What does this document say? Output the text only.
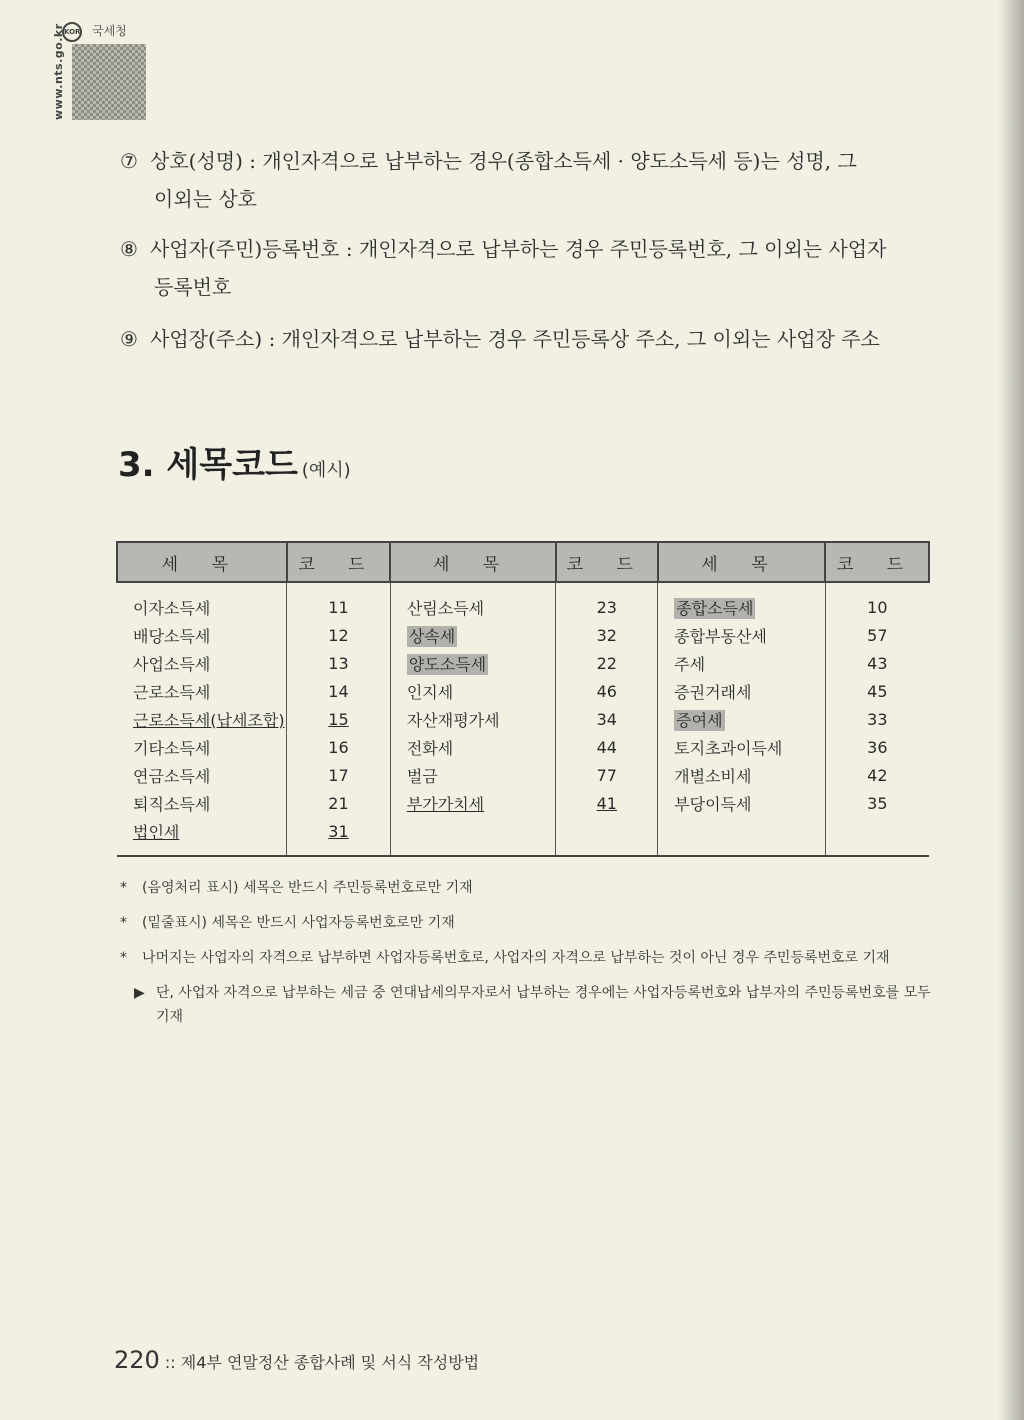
www.nts.go.kr KOR 국세청
⑦ 상호(성명) : 개인자격으로 납부하는 경우(종합소득세 · 양도소득세 등)는 성명, 그
이외는 상호
⑧ 사업자(주민)등록번호 : 개인자격으로 납부하는 경우 주민등록번호, 그 이외는 사업자
등록번호
⑨ 사업장(주소) : 개인자격으로 납부하는 경우 주민등록상 주소, 그 이외는 사업장 주소
3. 세목코드 (예시)
세 목	코 드	세 목	코 드	세 목	코 드
이자소득세	11	산림소득세	23	종합소득세	10
배당소득세	12	상속세	32	종합부동산세	57
사업소득세	13	양도소득세	22	주세	43
근로소득세	14	인지세	46	증권거래세	45
근로소득세(납세조합)	15	자산재평가세	34	증여세	33
기타소득세	16	전화세	44	토지초과이득세	36
연금소득세	17	벌금	77	개별소비세	42
퇴직소득세	21	부가가치세	41	부당이득세	35
법인세	31				
*	(음영처리 표시) 세목은 반드시 주민등록번호로만 기재
*	(밑줄표시) 세목은 반드시 사업자등록번호로만 기재
*	나머지는 사업자의 자격으로 납부하면 사업자등록번호로, 사업자의 자격으로 납부하는 것이 아닌 경우 주민등록번호로 기재
▶ 단, 사업자 자격으로 납부하는 세금 중 연대납세의무자로서 납부하는 경우에는 사업자등록번호와 납부자의 주민등록번호를 모두 기재
220 :: 제4부 연말정산 종합사례 및 서식 작성방법
